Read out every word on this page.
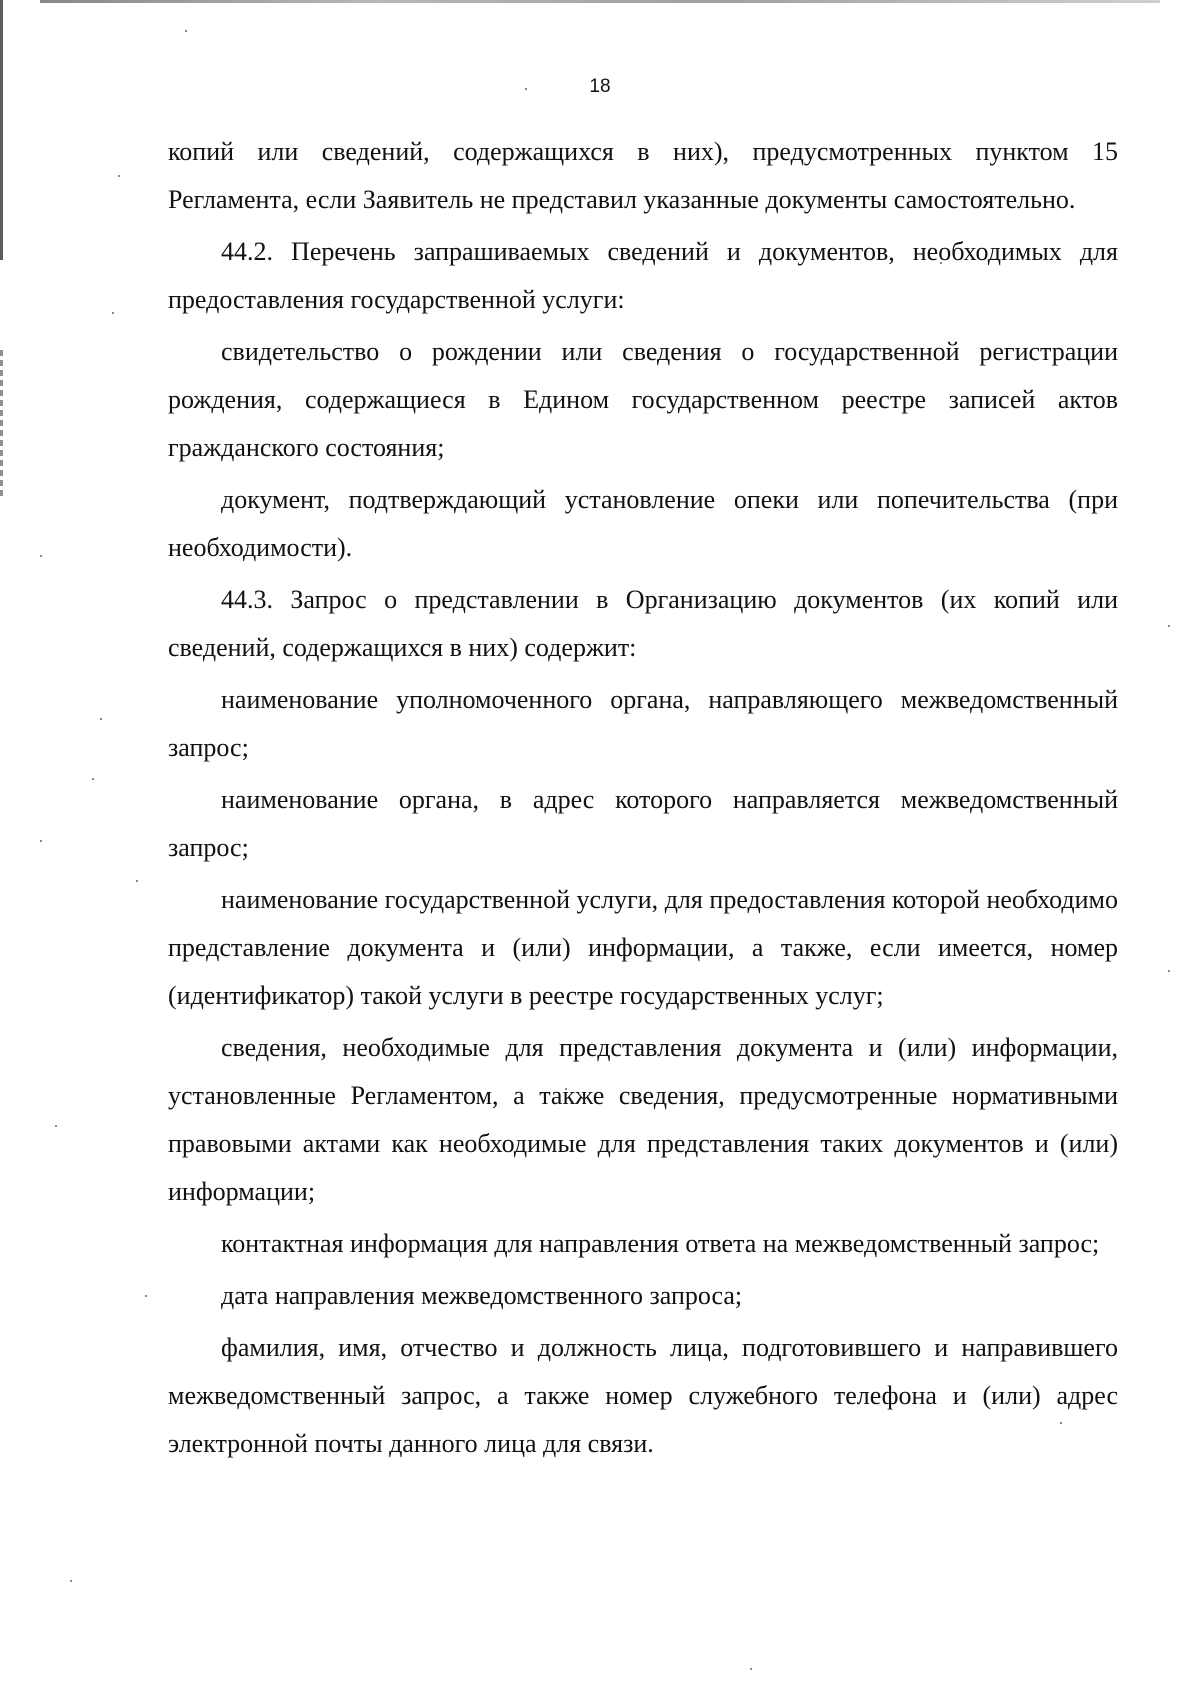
18

копий или сведений, содержащихся в них), предусмотренных пунктом 15 Регламента, если Заявитель не представил указанные документы самостоятельно.

44.2. Перечень запрашиваемых сведений и документов, необходимых для предоставления государственной услуги:

свидетельство о рождении или сведения о государственной регистрации рождения, содержащиеся в Едином государственном реестре записей актов гражданского состояния;

документ, подтверждающий установление опеки или попечительства (при необходимости).

44.3. Запрос о представлении в Организацию документов (их копий или сведений, содержащихся в них) содержит:

наименование уполномоченного органа, направляющего межведомственный запрос;

наименование органа, в адрес которого направляется межведомственный запрос;

наименование государственной услуги, для предоставления которой необходимо представление документа и (или) информации, а также, если имеется, номер (идентификатор) такой услуги в реестре государственных услуг;

сведения, необходимые для представления документа и (или) информации, установленные Регламентом, а также сведения, предусмотренные нормативными правовыми актами как необходимые для представления таких документов и (или) информации;

контактная информация для направления ответа на межведомственный запрос;

дата направления межведомственного запроса;

фамилия, имя, отчество и должность лица, подготовившего и направившего межведомственный запрос, а также номер служебного телефона и (или) адрес электронной почты данного лица для связи.
